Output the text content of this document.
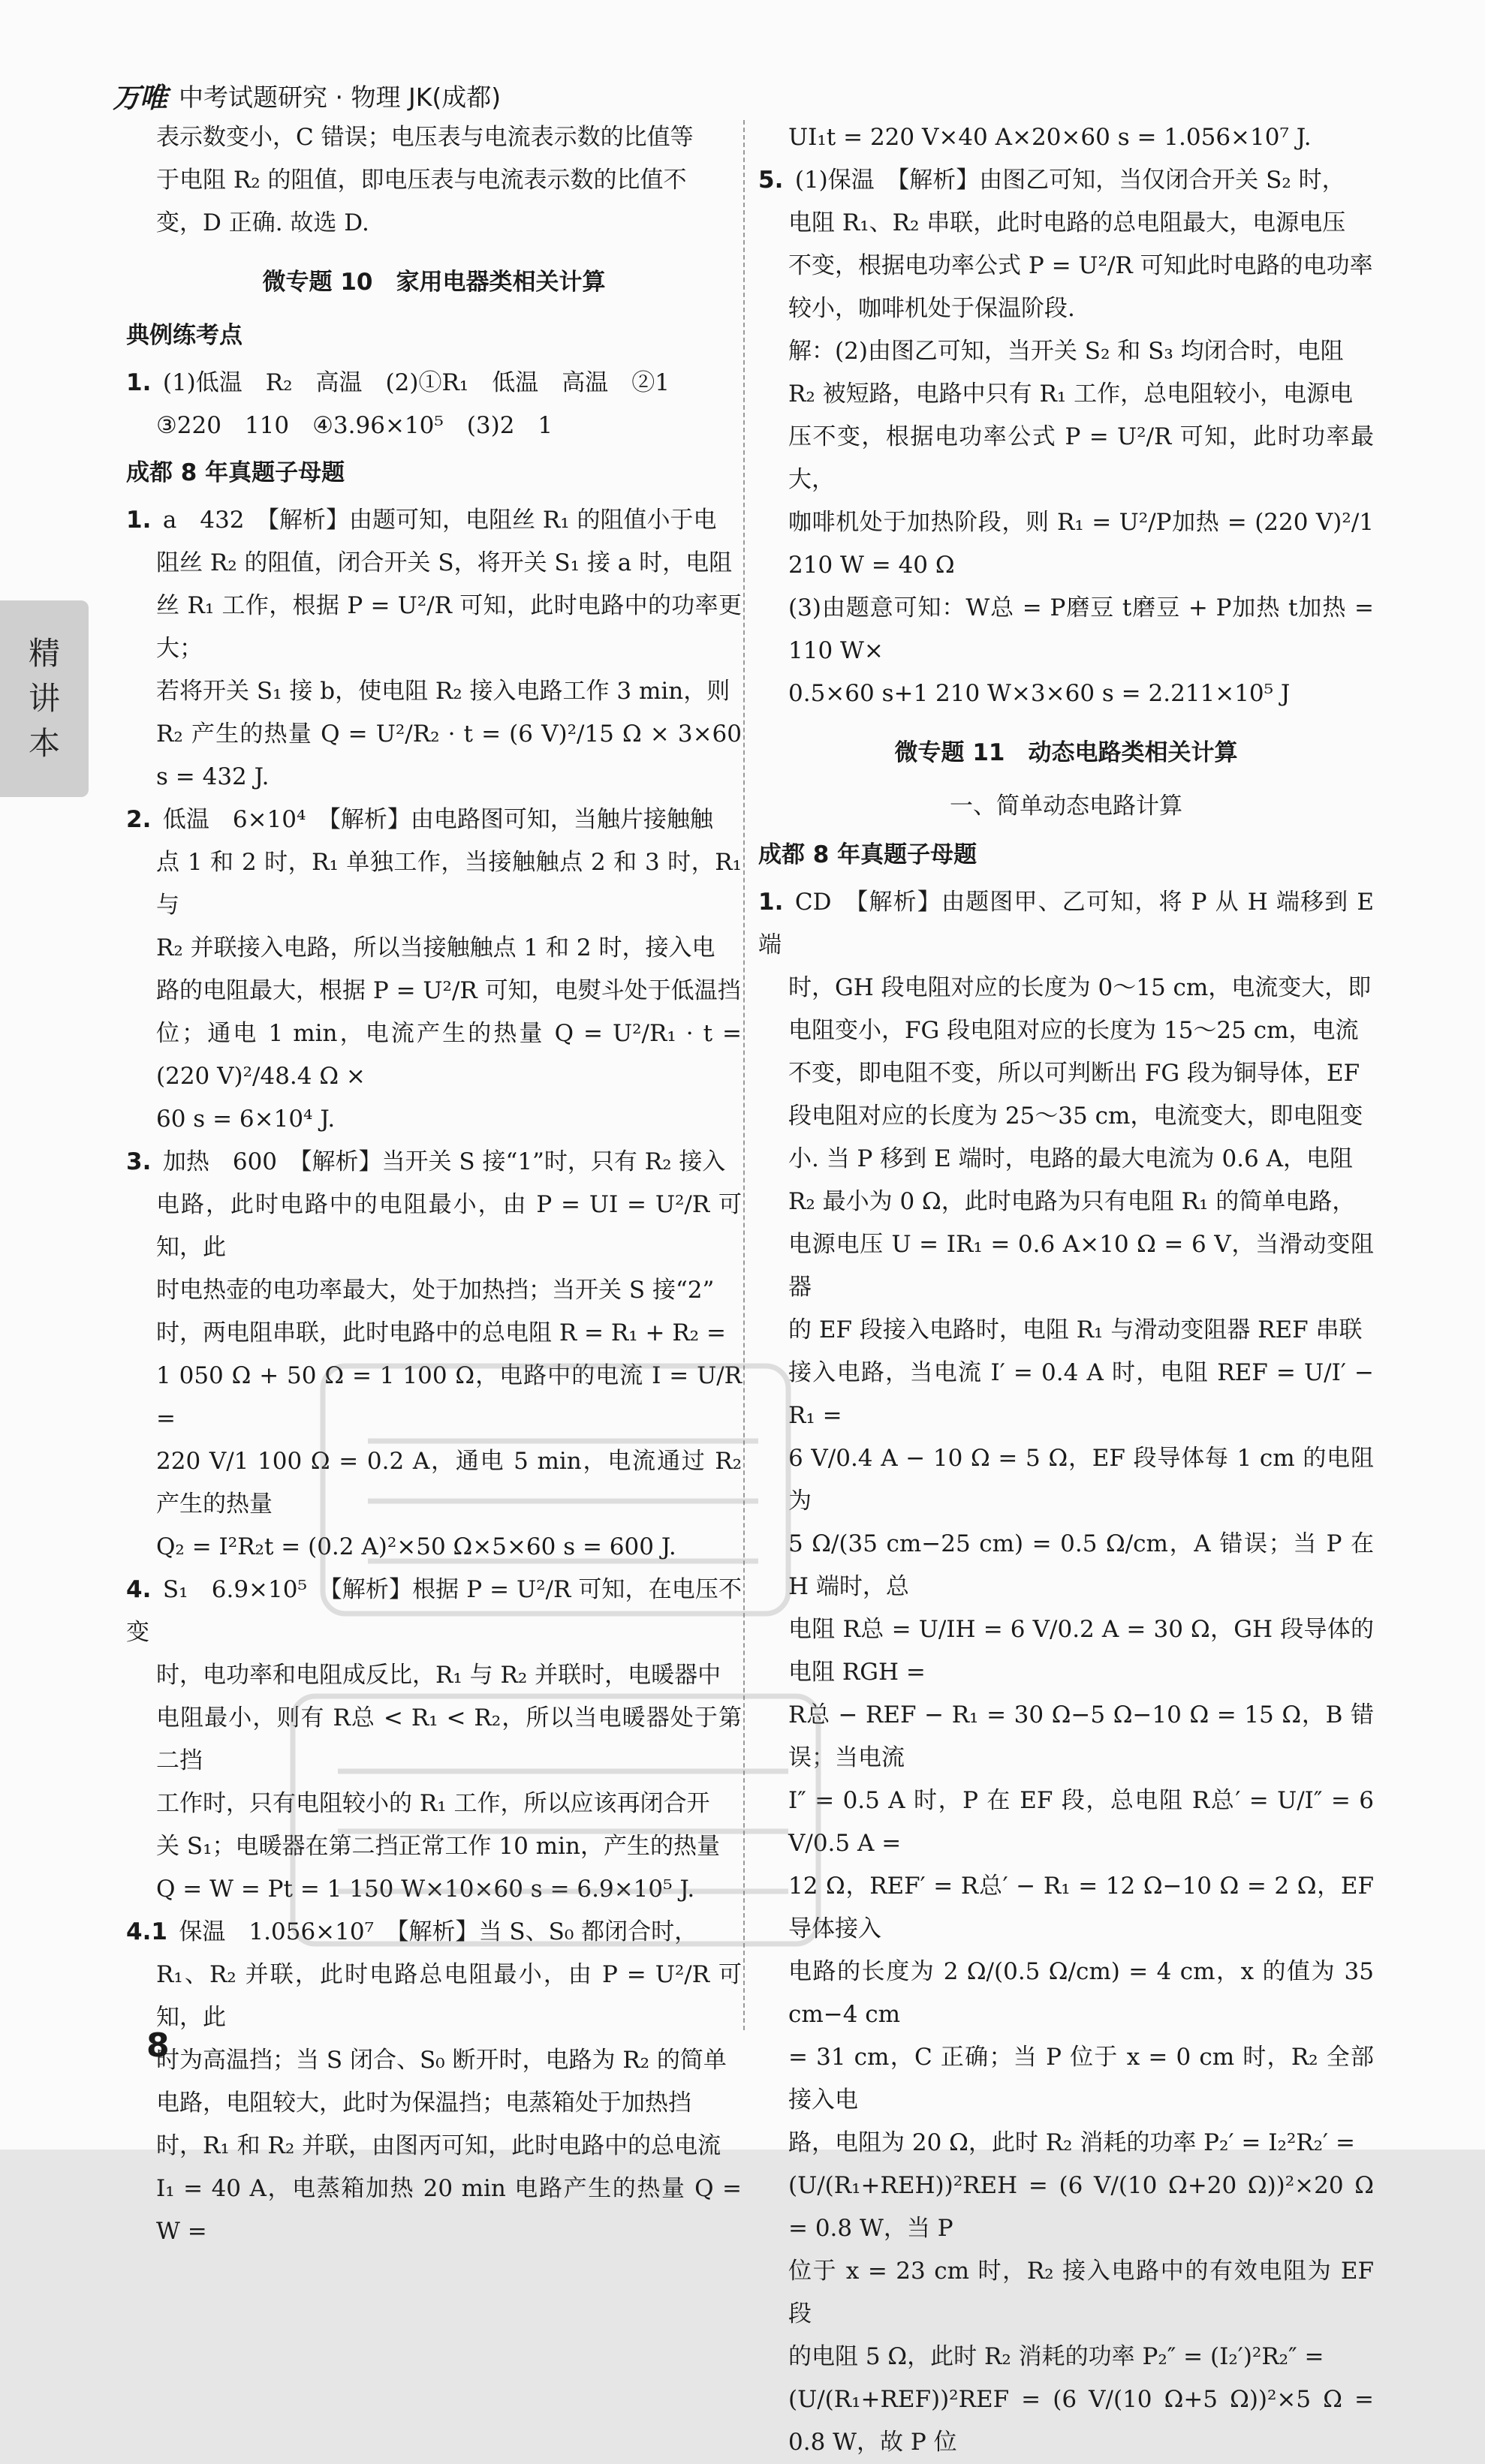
万唯 中考试题研究 · 物理 JK(成都)
精
讲
本

表示数变小，C 错误；电压表与电流表示数的比值等

于电阻 R₂ 的阻值，即电压表与电流表示数的比值不

变，D 正确. 故选 D.

微专题 10　家用电器类相关计算

典例练考点

1.  (1)低温　R₂　高温　(2)①R₁　低温　高温　②1

③220　110　④3.96×10⁵　(3)2　1

成都 8 年真题子母题

1.  a　432　【解析】由题可知，电阻丝 R₁ 的阻值小于电

阻丝 R₂ 的阻值，闭合开关 S，将开关 S₁ 接 a 时，电阻

丝 R₁ 工作，根据 P = U²/R 可知，此时电路中的功率更大；

若将开关 S₁ 接 b，使电阻 R₂ 接入电路工作 3 min，则

R₂ 产生的热量 Q = U²/R₂ · t = (6 V)²/15 Ω × 3×60 s = 432 J.

2.  低温　6×10⁴　【解析】由电路图可知，当触片接触触

点 1 和 2 时，R₁ 单独工作，当接触触点 2 和 3 时，R₁ 与

R₂ 并联接入电路，所以当接触触点 1 和 2 时，接入电

路的电阻最大，根据 P = U²/R 可知，电熨斗处于低温挡

位；通电 1 min，电流产生的热量 Q = U²/R₁ · t = (220 V)²/48.4 Ω ×

60 s = 6×10⁴ J.

3.  加热　600　【解析】当开关 S 接“1”时，只有 R₂ 接入

电路，此时电路中的电阻最小，由 P = UI = U²/R 可知，此

时电热壶的电功率最大，处于加热挡；当开关 S 接“2”

时，两电阻串联，此时电路中的总电阻 R = R₁ + R₂ =

1 050 Ω + 50 Ω = 1 100 Ω，电路中的电流 I = U/R =

220 V/1 100 Ω = 0.2 A，通电 5 min，电流通过 R₂ 产生的热量

Q₂ = I²R₂t = (0.2 A)²×50 Ω×5×60 s = 600 J.

4.  S₁　6.9×10⁵　【解析】根据 P = U²/R 可知，在电压不变

时，电功率和电阻成反比，R₁ 与 R₂ 并联时，电暖器中

电阻最小，则有 R总 < R₁ < R₂，所以当电暖器处于第二挡

工作时，只有电阻较小的 R₁ 工作，所以应该再闭合开

关 S₁；电暖器在第二挡正常工作 10 min，产生的热量

Q = W = Pt = 1 150 W×10×60 s = 6.9×10⁵ J.

4.1  保温　1.056×10⁷　【解析】当 S、S₀ 都闭合时，

R₁、R₂ 并联，此时电路总电阻最小，由 P = U²/R 可知，此

时为高温挡；当 S 闭合、S₀ 断开时，电路为 R₂ 的简单

电路，电阻较大，此时为保温挡；电蒸箱处于加热挡

时，R₁ 和 R₂ 并联，由图丙可知，此时电路中的总电流

I₁ = 40 A，电蒸箱加热 20 min 电路产生的热量 Q = W =

UI₁t = 220 V×40 A×20×60 s = 1.056×10⁷ J.

5.  (1)保温　【解析】由图乙可知，当仅闭合开关 S₂ 时，

电阻 R₁、R₂ 串联，此时电路的总电阻最大，电源电压

不变，根据电功率公式 P = U²/R 可知此时电路的电功率

较小，咖啡机处于保温阶段.

解：(2)由图乙可知，当开关 S₂ 和 S₃ 均闭合时，电阻

R₂ 被短路，电路中只有 R₁ 工作，总电阻较小，电源电

压不变，根据电功率公式 P = U²/R 可知，此时功率最大，

咖啡机处于加热阶段，则 R₁ = U²/P加热 = (220 V)²/1 210 W = 40 Ω

(3)由题意可知：W总 = P磨豆 t磨豆 + P加热 t加热 = 110 W×

0.5×60 s+1 210 W×3×60 s = 2.211×10⁵ J

微专题 11　动态电路类相关计算

一、简单动态电路计算

成都 8 年真题子母题

1.  CD　【解析】由题图甲、乙可知，将 P 从 H 端移到 E 端

时，GH 段电阻对应的长度为 0～15 cm，电流变大，即

电阻变小，FG 段电阻对应的长度为 15～25 cm，电流

不变，即电阻不变，所以可判断出 FG 段为铜导体，EF

段电阻对应的长度为 25～35 cm，电流变大，即电阻变

小. 当 P 移到 E 端时，电路的最大电流为 0.6 A，电阻

R₂ 最小为 0 Ω，此时电路为只有电阻 R₁ 的简单电路，

电源电压 U = IR₁ = 0.6 A×10 Ω = 6 V，当滑动变阻器

的 EF 段接入电路时，电阻 R₁ 与滑动变阻器 REF 串联

接入电路，当电流 I′ = 0.4 A 时，电阻 REF = U/I′ − R₁ =

6 V/0.4 A − 10 Ω = 5 Ω，EF 段导体每 1 cm 的电阻为

5 Ω/(35 cm−25 cm) = 0.5 Ω/cm，A 错误；当 P 在 H 端时，总

电阻 R总 = U/IH = 6 V/0.2 A = 30 Ω，GH 段导体的电阻 RGH =

R总 − REF − R₁ = 30 Ω−5 Ω−10 Ω = 15 Ω，B 错误；当电流

I″ = 0.5 A 时，P 在 EF 段，总电阻 R总′ = U/I″ = 6 V/0.5 A =

12 Ω，REF′ = R总′ − R₁ = 12 Ω−10 Ω = 2 Ω，EF 导体接入

电路的长度为 2 Ω/(0.5 Ω/cm) = 4 cm，x 的值为 35 cm−4 cm

= 31 cm，C 正确；当 P 位于 x = 0 cm 时，R₂ 全部接入电

路，电阻为 20 Ω，此时 R₂ 消耗的功率 P₂′ = I₂²R₂′ =

(U/(R₁+REH))²REH = (6 V/(10 Ω+20 Ω))²×20 Ω = 0.8 W，当 P

位于 x = 23 cm 时，R₂ 接入电路中的有效电阻为 EF 段

的电阻 5 Ω，此时 R₂ 消耗的功率 P₂″ = (I₂′)²R₂″ =

(U/(R₁+REF))²REF = (6 V/(10 Ω+5 Ω))²×5 Ω = 0.8 W，故 P 位

8
